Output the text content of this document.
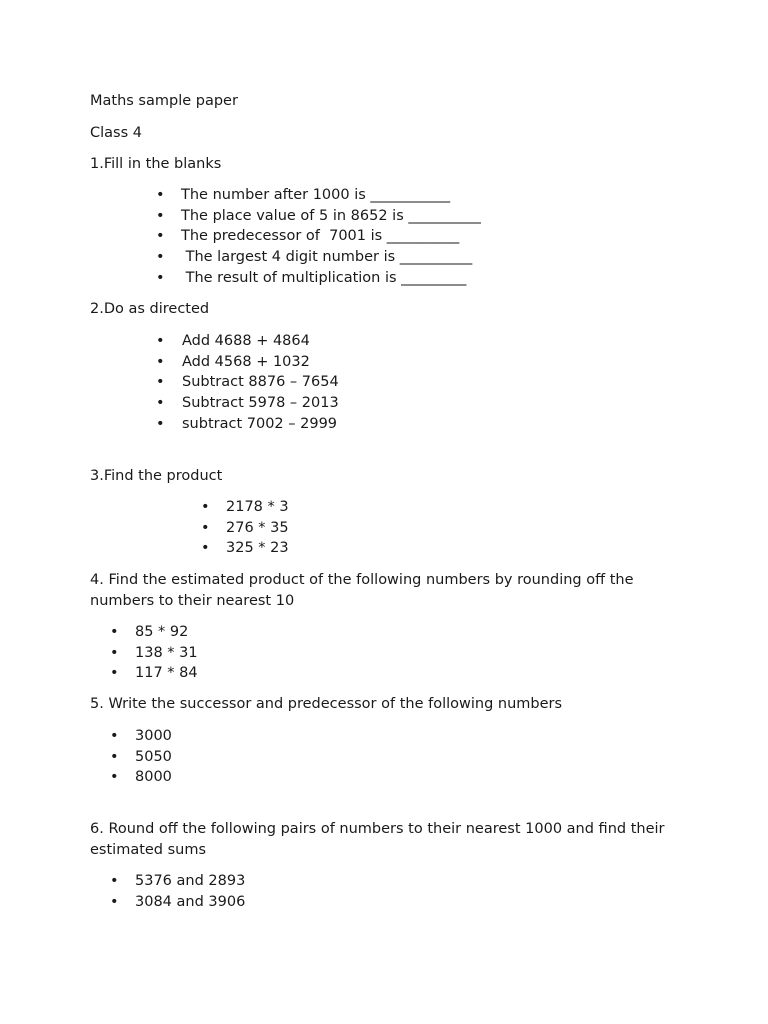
Maths sample paper
Class 4
1.Fill in the blanks
• The number after 1000 is ___________
• The place value of 5 in 8652 is __________
• The predecessor of  7001 is __________
• The largest 4 digit number is __________
• The result of multiplication is _________
2.Do as directed
• Add 4688 + 4864
• Add 4568 + 1032
• Subtract 8876 – 7654
• Subtract 5978 – 2013
• subtract 7002 – 2999
3.Find the product
• 2178 * 3
• 276 * 35
• 325 * 23
4. Find the estimated product of the following numbers by rounding off the numbers to their nearest 10
• 85 * 92
• 138 * 31
• 117 * 84
5. Write the successor and predecessor of the following numbers
• 3000
• 5050
• 8000
6. Round off the following pairs of numbers to their nearest 1000 and find their estimated sums
• 5376 and 2893
• 3084 and 3906
